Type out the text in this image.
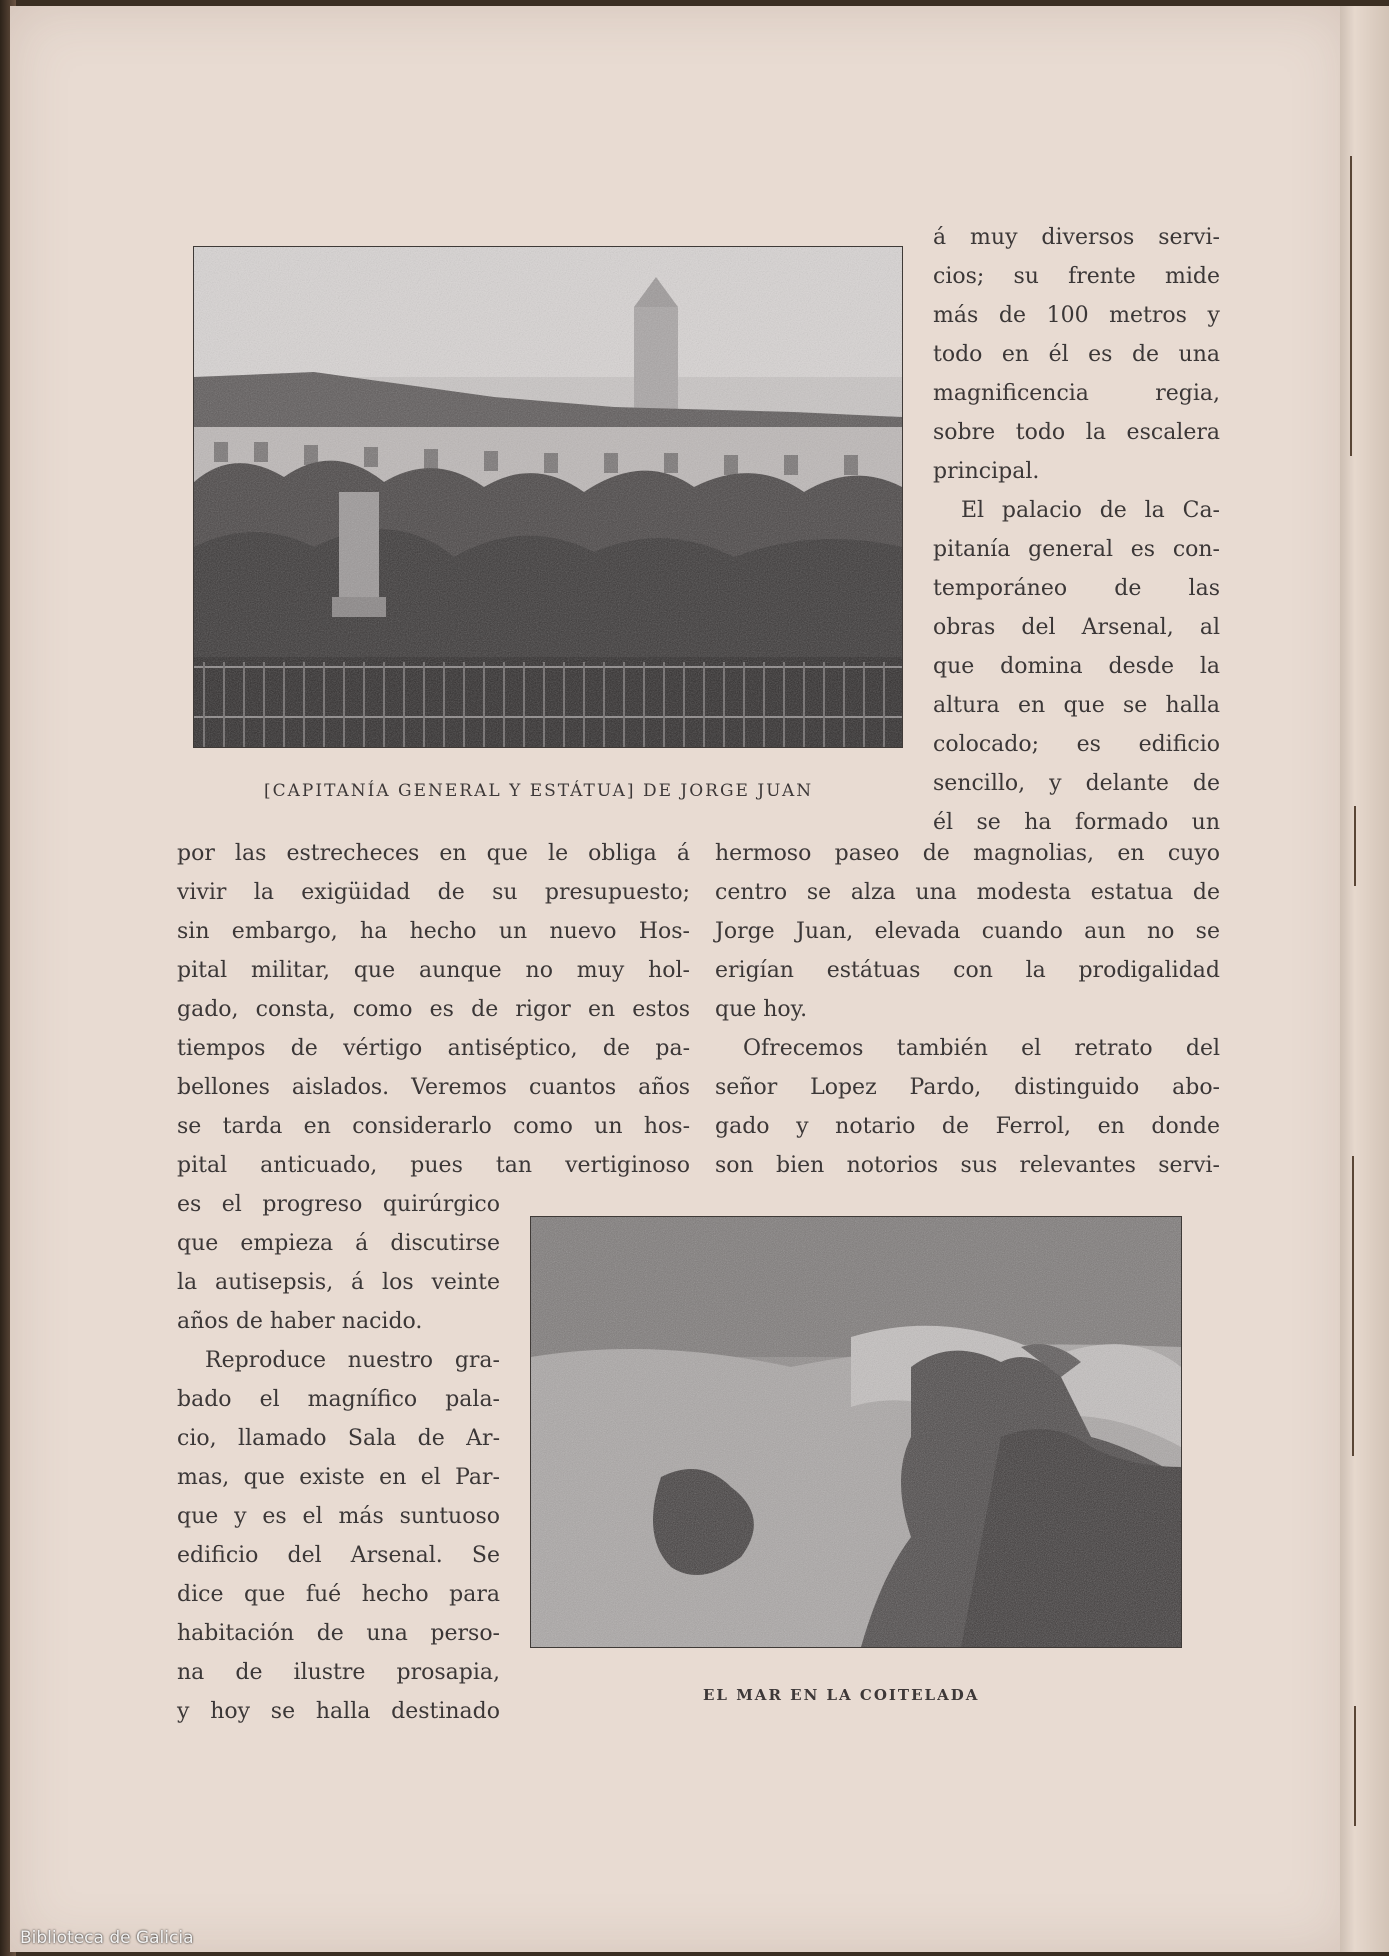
[CAPITANÍA GENERAL Y ESTÁTUA] DE JORGE JUAN
á muy diversos servi-
cios; su frente mide
más de 100 metros y
todo en él es de una
magnificencia regia,
sobre todo la escalera
principal.
El palacio de la Ca-
pitanía general es con-
temporáneo de las
obras del Arsenal, al
que domina desde la
altura en que se halla
colocado; es edificio
sencillo, y delante de
él se ha formado un
por las estrecheces en que le obliga á
vivir la exigüidad de su presupuesto;
sin embargo, ha hecho un nuevo Hos-
pital militar, que aunque no muy hol-
gado, consta, como es de rigor en estos
tiempos de vértigo antiséptico, de pa-
bellones aislados. Veremos cuantos años
se tarda en considerarlo como un hos-
pital anticuado, pues tan vertiginoso
hermoso paseo de magnolias, en cuyo
centro se alza una modesta estatua de
Jorge Juan, elevada cuando aun no se
erigían estátuas con la prodigalidad
que hoy.
Ofrecemos también el retrato del
señor Lopez Pardo, distinguido abo-
gado y notario de Ferrol, en donde
son bien notorios sus relevantes servi-
es el progreso quirúrgico
que empieza á discutirse
la autisepsis, á los veinte
años de haber nacido.
Reproduce nuestro gra-
bado el magnífico pala-
cio, llamado Sala de Ar-
mas, que existe en el Par-
que y es el más suntuoso
edificio del Arsenal. Se
dice que fué hecho para
habitación de una perso-
na de ilustre prosapia,
y hoy se halla destinado
EL MAR EN LA COITELADA
Biblioteca de Galicia
